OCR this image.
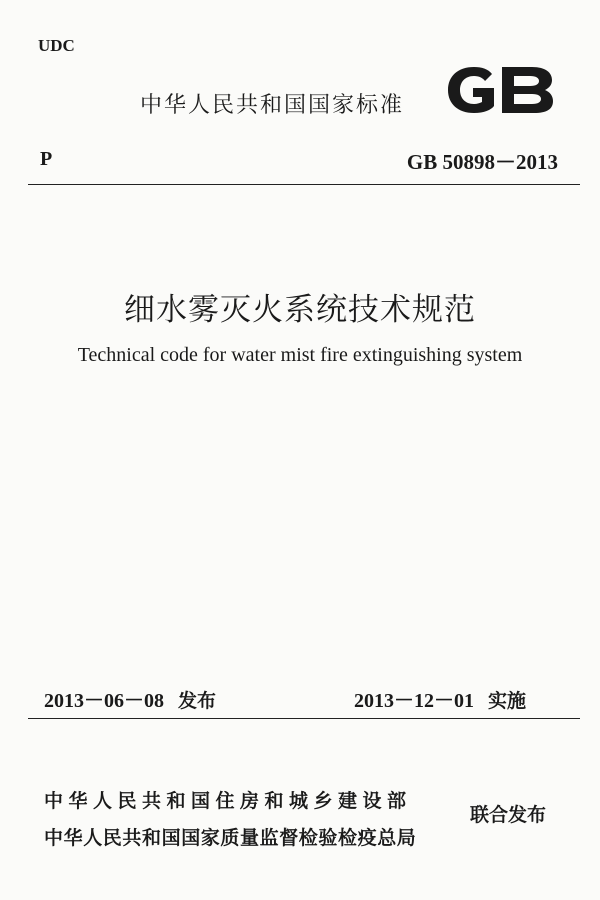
UDC
中华人民共和国国家标准
P	GB 50898－2013
细水雾灭火系统技术规范
Technical code for water mist fire extinguishing system
2013－06－08 发布	2013－12－01 实施
中华人民共和国住房和城乡建设部
中华人民共和国国家质量监督检验检疫总局
联合发布
